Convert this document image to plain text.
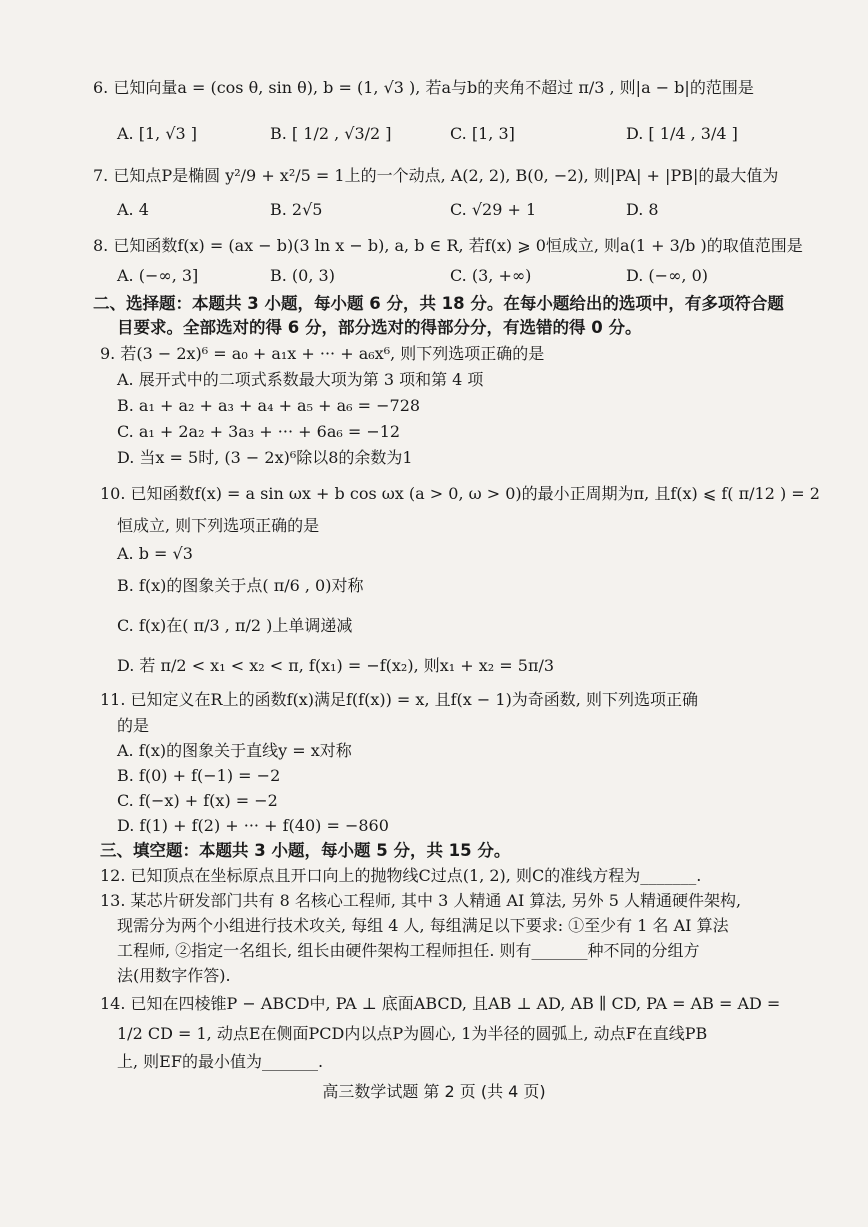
6. 已知向量a = (cos θ, sin θ), b = (1, √3 ), 若a与b的夹角不超过 π/3 , 则|a − b|的范围是
A. [1, √3 ]	B. [ 1/2 , √3/2 ]	C. [1, 3]	D. [ 1/4 , 3/4 ]
7. 已知点P是椭圆 y²/9 + x²/5 = 1上的一个动点, A(2, 2), B(0, −2), 则|PA| + |PB|的最大值为
A. 4	B. 2√5	C. √29 + 1	D. 8
8. 已知函数f(x) = (ax − b)(3 ln x − b), a, b ∈ R, 若f(x) ⩾ 0恒成立, 则a(1 + 3/b )的取值范围是
A. (−∞, 3]	B. (0, 3)	C. (3, +∞)	D. (−∞, 0)
二、选择题：本题共 3 小题，每小题 6 分，共 18 分。在每小题给出的选项中，有多项符合题
目要求。全部选对的得 6 分，部分选对的得部分分，有选错的得 0 分。
9. 若(3 − 2x)⁶ = a₀ + a₁x + ··· + a₆x⁶, 则下列选项正确的是
A. 展开式中的二项式系数最大项为第 3 项和第 4 项
B. a₁ + a₂ + a₃ + a₄ + a₅ + a₆ = −728
C. a₁ + 2a₂ + 3a₃ + ··· + 6a₆ = −12
D. 当x = 5时, (3 − 2x)⁶除以8的余数为1
10. 已知函数f(x) = a sin ωx + b cos ωx (a > 0, ω > 0)的最小正周期为π, 且f(x) ⩽ f( π/12 ) = 2
恒成立, 则下列选项正确的是
A. b = √3
B. f(x)的图象关于点( π/6 , 0)对称
C. f(x)在( π/3 , π/2 )上单调递减
D. 若 π/2 < x₁ < x₂ < π, f(x₁) = −f(x₂), 则x₁ + x₂ = 5π/3
11. 已知定义在R上的函数f(x)满足f(f(x)) = x, 且f(x − 1)为奇函数, 则下列选项正确
的是
A. f(x)的图象关于直线y = x对称
B. f(0) + f(−1) = −2
C. f(−x) + f(x) = −2
D. f(1) + f(2) + ··· + f(40) = −860
三、填空题：本题共 3 小题，每小题 5 分，共 15 分。
12. 已知顶点在坐标原点且开口向上的抛物线C过点(1, 2), 则C的准线方程为_______.
13. 某芯片研发部门共有 8 名核心工程师, 其中 3 人精通 AI 算法, 另外 5 人精通硬件架构,
现需分为两个小组进行技术攻关, 每组 4 人, 每组满足以下要求: ①至少有 1 名 AI 算法
工程师, ②指定一名组长, 组长由硬件架构工程师担任. 则有_______种不同的分组方
法(用数字作答).
14. 已知在四棱锥P − ABCD中, PA ⊥ 底面ABCD, 且AB ⊥ AD, AB ∥ CD, PA = AB = AD =
1/2 CD = 1, 动点E在侧面PCD内以点P为圆心, 1为半径的圆弧上, 动点F在直线PB
上, 则EF的最小值为_______.
高三数学试题 第 2 页 (共 4 页)
